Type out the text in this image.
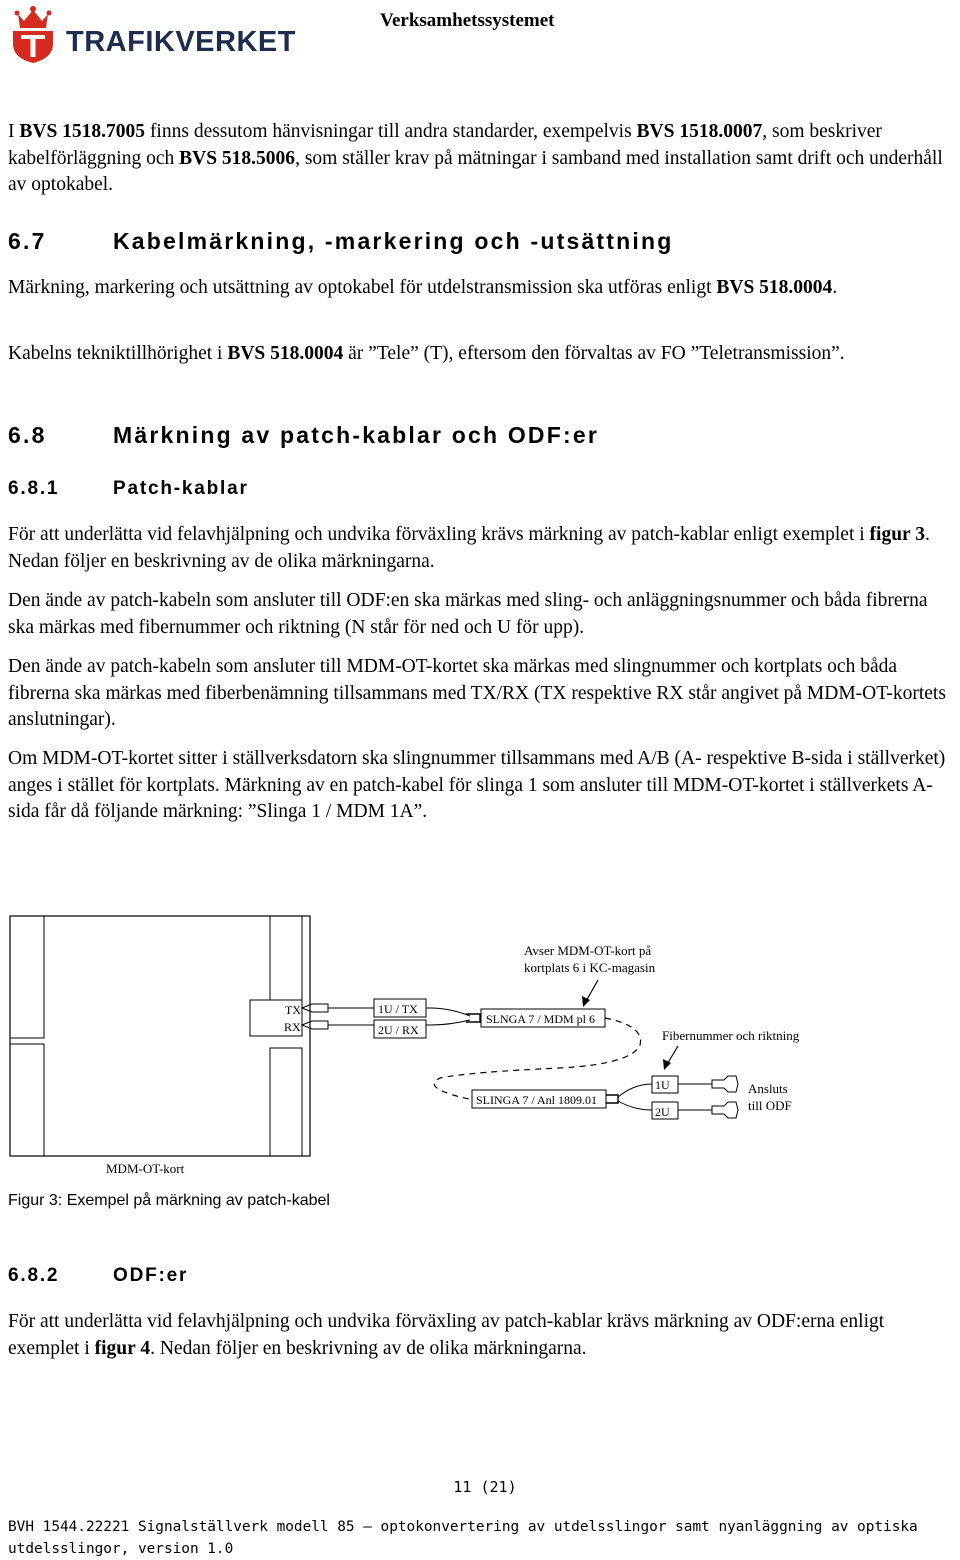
TRAFIKVERKET
Verksamhetssystemet

I BVS 1518.7005 finns dessutom hänvisningar till andra standarder, exempelvis BVS 1518.0007, som beskriver kabelförläggning och BVS 518.5006, som ställer krav på mätningar i samband med installation samt drift och underhåll av optokabel.

6.7	Kabelmärkning, -markering och -utsättning

Märkning, markering och utsättning av optokabel för utdelstransmission ska utföras enligt BVS 518.0004.

Kabelns tekniktillhörighet i BVS 518.0004 är ”Tele” (T), eftersom den förvaltas av FO ”Teletransmission”.

6.8	Märkning av patch-kablar och ODF:er
6.8.1	Patch-kablar

För att underlätta vid felavhjälpning och undvika förväxling krävs märkning av patch-kablar enligt exemplet i figur 3. Nedan följer en beskrivning av de olika märkningarna.

Den ände av patch-kabeln som ansluter till ODF:en ska märkas med sling- och anläggningsnummer och båda fibrerna ska märkas med fibernummer och riktning (N står för ned och U för upp).

Den ände av patch-kabeln som ansluter till MDM-OT-kortet ska märkas med slingnummer och kortplats och båda fibrerna ska märkas med fiberbenämning tillsammans med TX/RX (TX respektive RX står angivet på MDM-OT-kortets anslutningar).

Om MDM-OT-kortet sitter i ställverksdatorn ska slingnummer tillsammans med A/B (A- respektive B-sida i ställverket) anges i stället för kortplats. Märkning av en patch-kabel för slinga 1 som ansluter till MDM-OT-kortet i ställverkets A-sida får då följande märkning: ”Slinga 1 / MDM 1A”.

TX
RX
1U / TX
2U / RX
SLNGA 7 / MDM pl 6
Avser MDM-OT-kort på
kortplats 6 i KC-magasin
Fibernummer och riktning
SLINGA 7 / Anl 1809.01
1U
2U
Ansluts
till ODF
MDM-OT-kort
Figur 3: Exempel på märkning av patch-kabel
6.8.2	ODF:er

För att underlätta vid felavhjälpning och undvika förväxling av patch-kablar krävs märkning av ODF:erna enligt exemplet i figur 4. Nedan följer en beskrivning av de olika märkningarna.

11 (21)
BVH 1544.22221 Signalställverk modell 85 – optokonvertering av utdelsslingor samt nyanläggning av optiska
utdelsslingor, version 1.0
